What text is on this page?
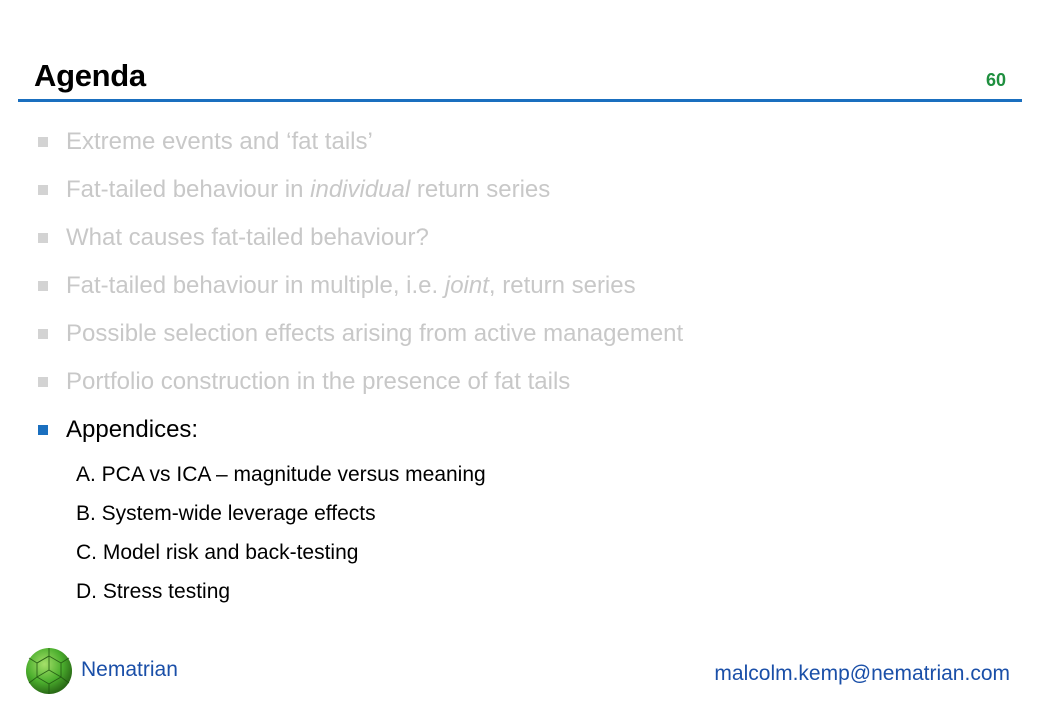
Agenda	60
Extreme events and ‘fat tails’
Fat-tailed behaviour in individual return series
What causes fat-tailed behaviour?
Fat-tailed behaviour in multiple, i.e. joint, return series
Possible selection effects arising from active management
Portfolio construction in the presence of fat tails
Appendices:
A. PCA vs ICA – magnitude versus meaning
B. System-wide leverage effects
C. Model risk and back-testing
D. Stress testing
Nematrian	malcolm.kemp@nematrian.com
